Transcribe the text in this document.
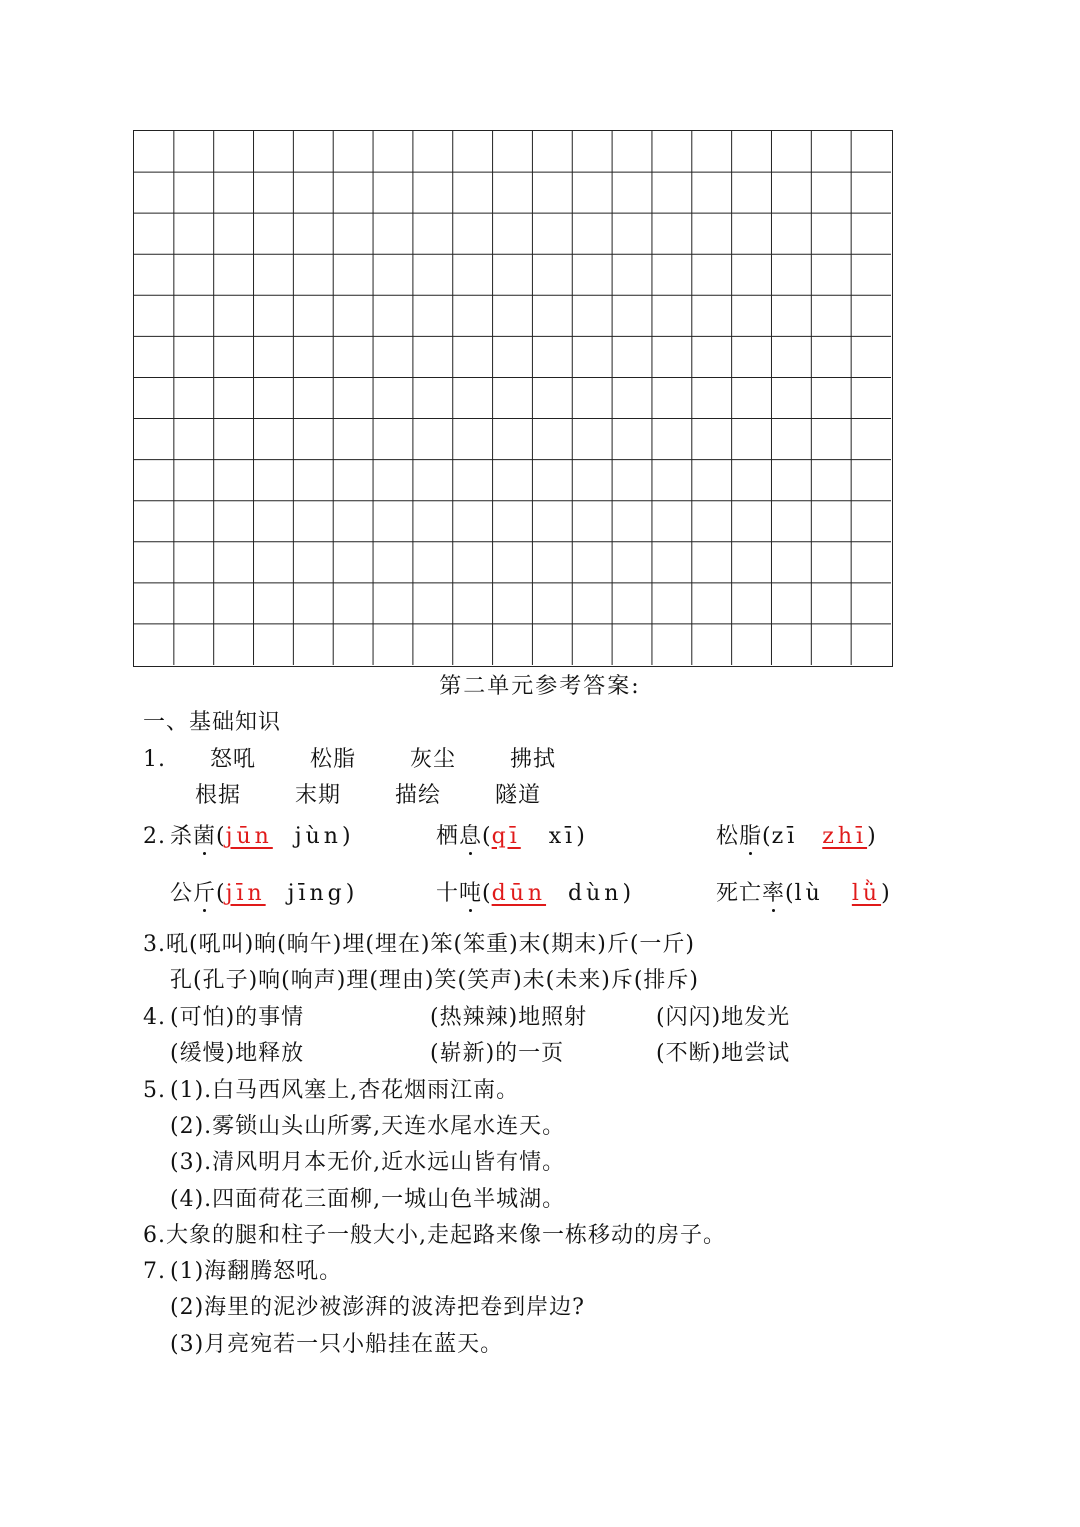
第二单元参考答案:
一、基础知识
1. 怒吼 松脂 灰尘 拂拭
根据 末期 描绘 隧道
2. 杀菌(jūn jùn)	栖息(qī xī)	松脂(zī zhī)
公斤(jīn jīng)	十吨(dūn dùn)	死亡率(lù lǜ)
3.吼(吼叫)晌(晌午)埋(埋在)笨(笨重)末(期末)斤(一斤)
孔(孔子)响(响声)理(理由)笑(笑声)未(未来)斥(排斥)
4. (可怕)的事情	(热辣辣)地照射	(闪闪)地发光
(缓慢)地释放	(崭新)的一页	(不断)地尝试
5. (1).白马西风塞上,杏花烟雨江南。
(2).雾锁山头山所雾,天连水尾水连天。
(3).清风明月本无价,近水远山皆有情。
(4).四面荷花三面柳,一城山色半城湖。
6.大象的腿和柱子一般大小,走起路来像一栋移动的房子。
7. (1)海翻腾怒吼。
(2)海里的泥沙被澎湃的波涛把卷到岸边?
(3)月亮宛若一只小船挂在蓝天。
